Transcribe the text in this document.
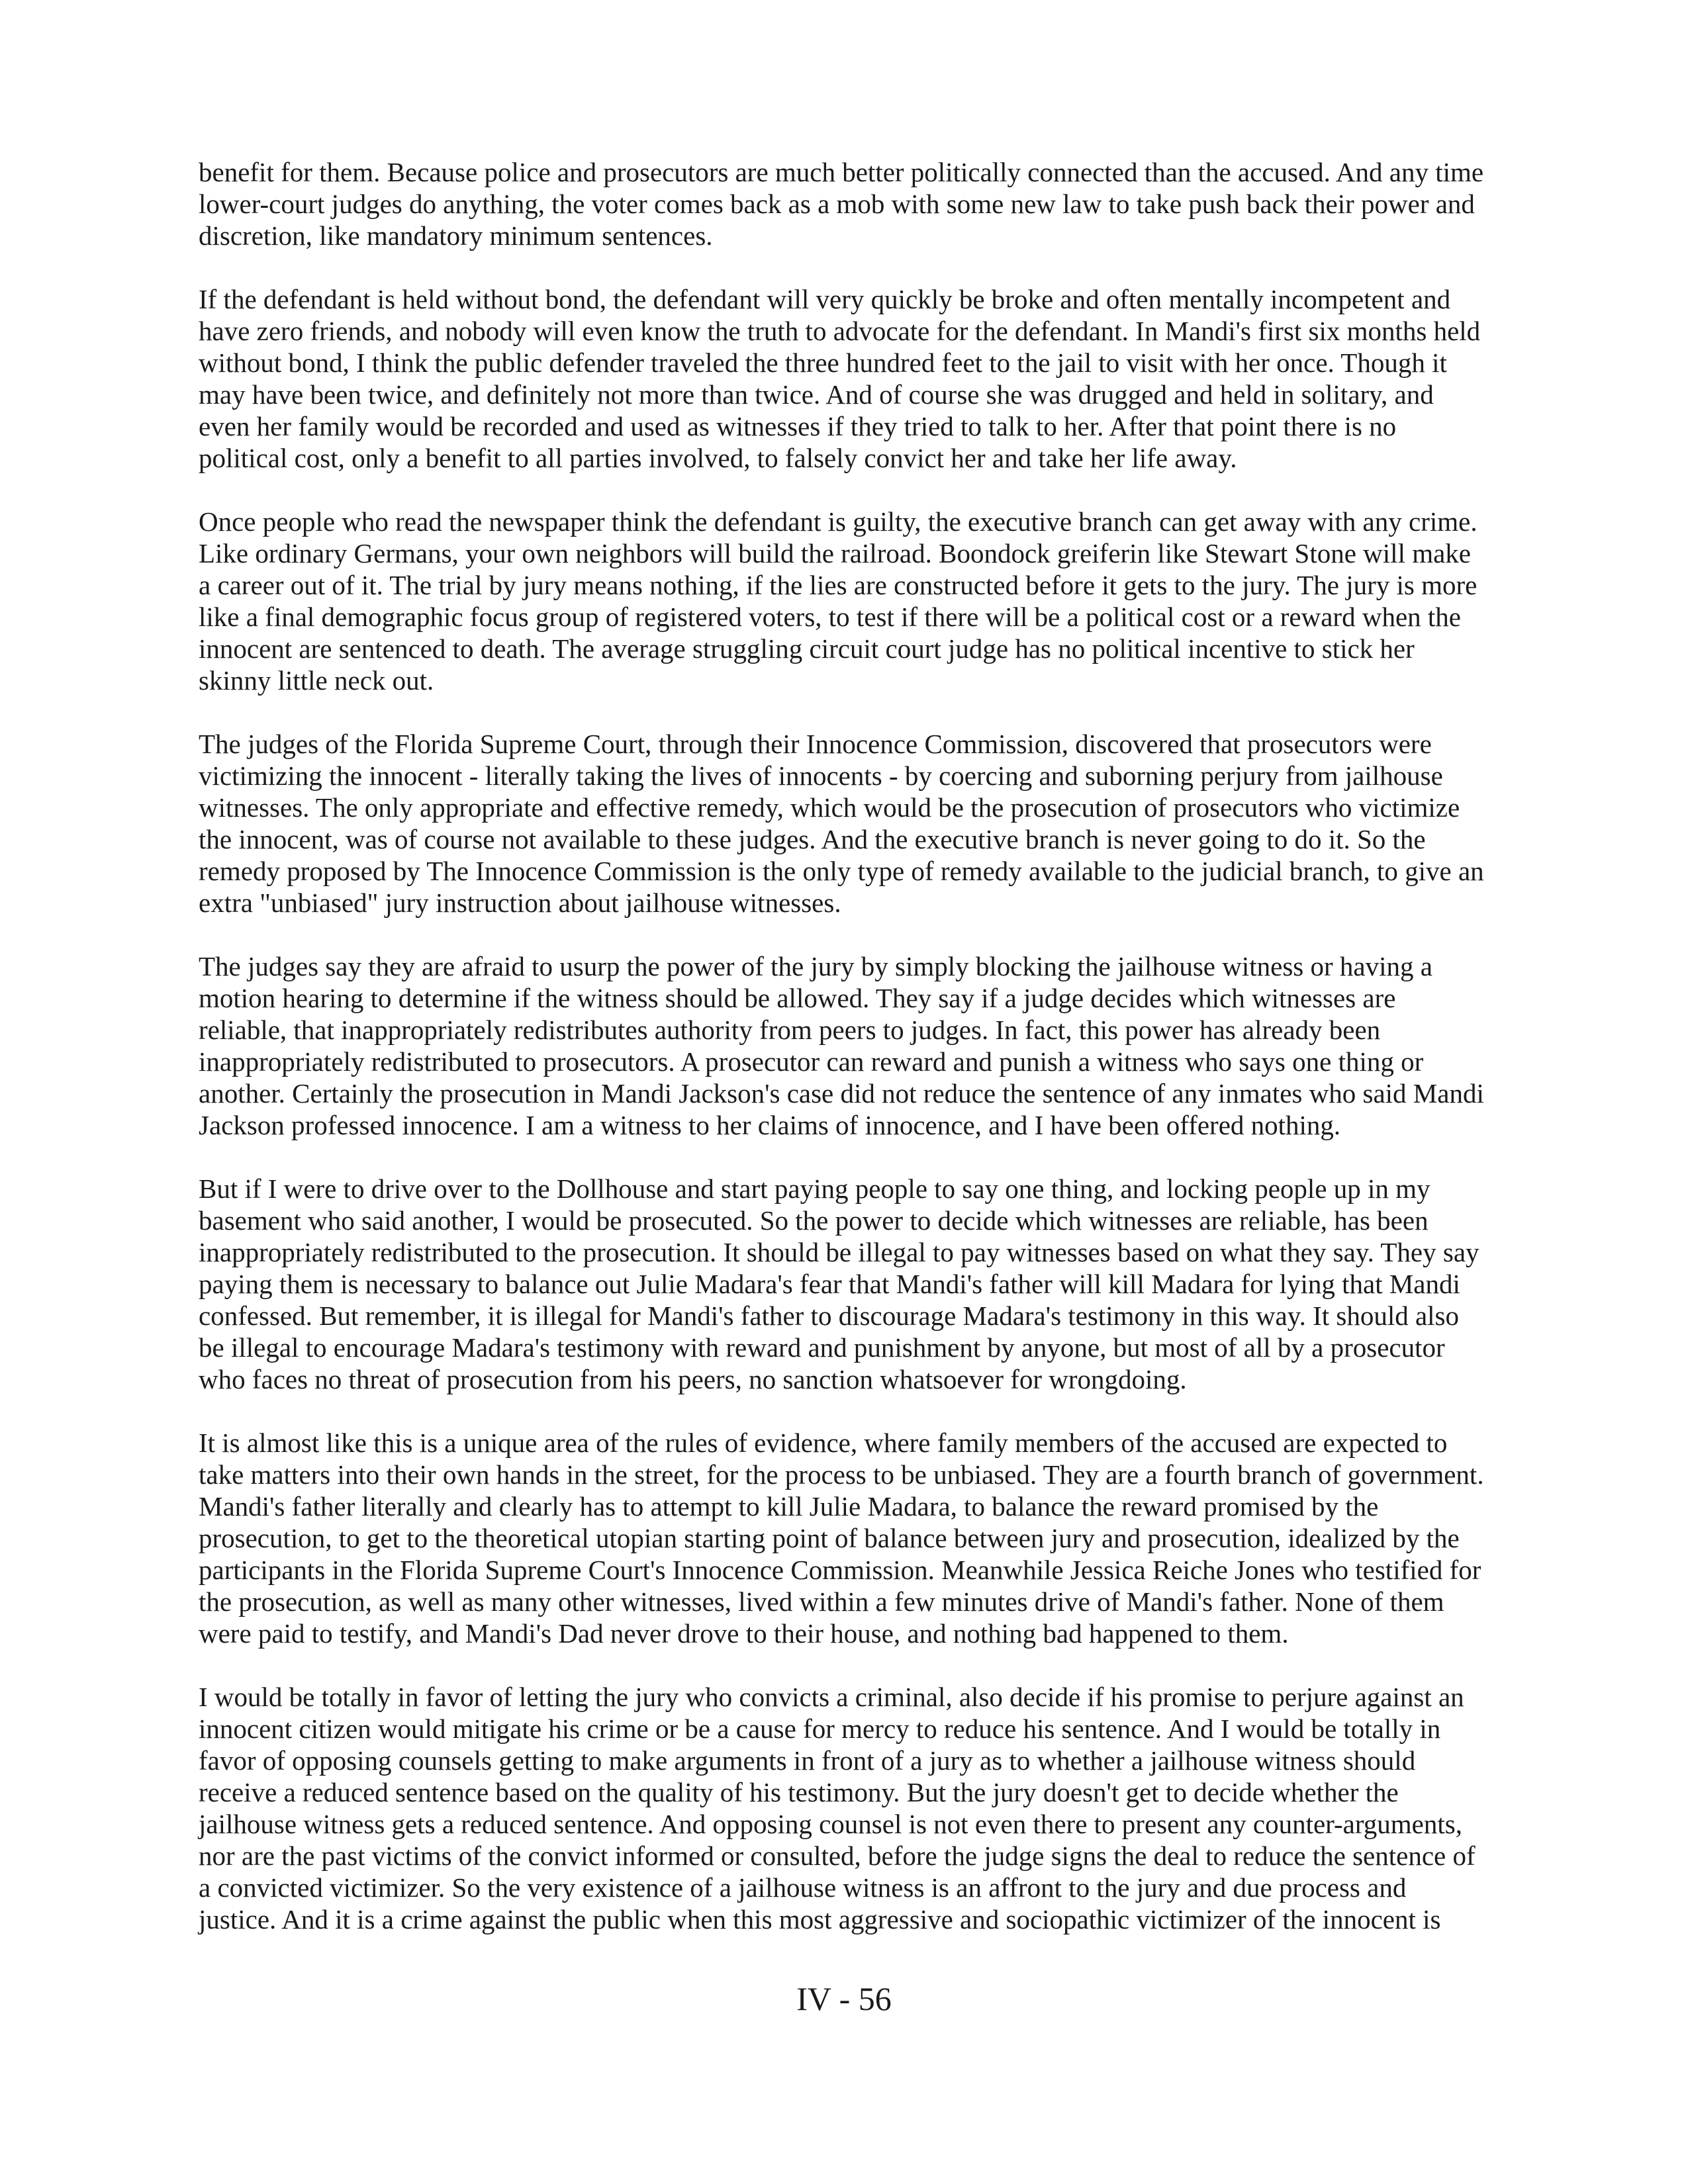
benefit for them. Because police and prosecutors are much better politically connected than the accused. And any time lower-court judges do anything, the voter comes back as a mob with some new law to take push back their power and discretion, like mandatory minimum sentences.

If the defendant is held without bond, the defendant will very quickly be broke and often mentally incompetent and have zero friends, and nobody will even know the truth to advocate for the defendant. In Mandi's first six months held without bond, I think the public defender traveled the three hundred feet to the jail to visit with her once. Though it may have been twice, and definitely not more than twice. And of course she was drugged and held in solitary, and even her family would be recorded and used as witnesses if they tried to talk to her. After that point there is no political cost, only a benefit to all parties involved, to falsely convict her and take her life away.

Once people who read the newspaper think the defendant is guilty, the executive branch can get away with any crime. Like ordinary Germans, your own neighbors will build the railroad. Boondock greiferin like Stewart Stone will make a career out of it. The trial by jury means nothing, if the lies are constructed before it gets to the jury. The jury is more like a final demographic focus group of registered voters, to test if there will be a political cost or a reward when the innocent are sentenced to death. The average struggling circuit court judge has no political incentive to stick her skinny little neck out.

The judges of the Florida Supreme Court, through their Innocence Commission, discovered that prosecutors were victimizing the innocent - literally taking the lives of innocents - by coercing and suborning perjury from jailhouse witnesses. The only appropriate and effective remedy, which would be the prosecution of prosecutors who victimize the innocent, was of course not available to these judges. And the executive branch is never going to do it. So the remedy proposed by The Innocence Commission is the only type of remedy available to the judicial branch, to give an extra "unbiased" jury instruction about jailhouse witnesses.

The judges say they are afraid to usurp the power of the jury by simply blocking the jailhouse witness or having a motion hearing to determine if the witness should be allowed. They say if a judge decides which witnesses are reliable, that inappropriately redistributes authority from peers to judges. In fact, this power has already been inappropriately redistributed to prosecutors. A prosecutor can reward and punish a witness who says one thing or another. Certainly the prosecution in Mandi Jackson's case did not reduce the sentence of any inmates who said Mandi Jackson professed innocence. I am a witness to her claims of innocence, and I have been offered nothing.

But if I were to drive over to the Dollhouse and start paying people to say one thing, and locking people up in my basement who said another, I would be prosecuted. So the power to decide which witnesses are reliable, has been inappropriately redistributed to the prosecution. It should be illegal to pay witnesses based on what they say. They say paying them is necessary to balance out Julie Madara's fear that Mandi's father will kill Madara for lying that Mandi confessed. But remember, it is illegal for Mandi's father to discourage Madara's testimony in this way. It should also be illegal to encourage Madara's testimony with reward and punishment by anyone, but most of all by a prosecutor who faces no threat of prosecution from his peers, no sanction whatsoever for wrongdoing.

It is almost like this is a unique area of the rules of evidence, where family members of the accused are expected to take matters into their own hands in the street, for the process to be unbiased. They are a fourth branch of government. Mandi's father literally and clearly has to attempt to kill Julie Madara, to balance the reward promised by the prosecution, to get to the theoretical utopian starting point of balance between jury and prosecution, idealized by the participants in the Florida Supreme Court's Innocence Commission. Meanwhile Jessica Reiche Jones who testified for the prosecution, as well as many other witnesses, lived within a few minutes drive of Mandi's father. None of them were paid to testify, and Mandi's Dad never drove to their house, and nothing bad happened to them.

I would be totally in favor of letting the jury who convicts a criminal, also decide if his promise to perjure against an innocent citizen would mitigate his crime or be a cause for mercy to reduce his sentence. And I would be totally in favor of opposing counsels getting to make arguments in front of a jury as to whether a jailhouse witness should receive a reduced sentence based on the quality of his testimony. But the jury doesn't get to decide whether the jailhouse witness gets a reduced sentence. And opposing counsel is not even there to present any counter-arguments, nor are the past victims of the convict informed or consulted, before the judge signs the deal to reduce the sentence of a convicted victimizer. So the very existence of a jailhouse witness is an affront to the jury and due process and justice. And it is a crime against the public when this most aggressive and sociopathic victimizer of the innocent is

IV - 56
